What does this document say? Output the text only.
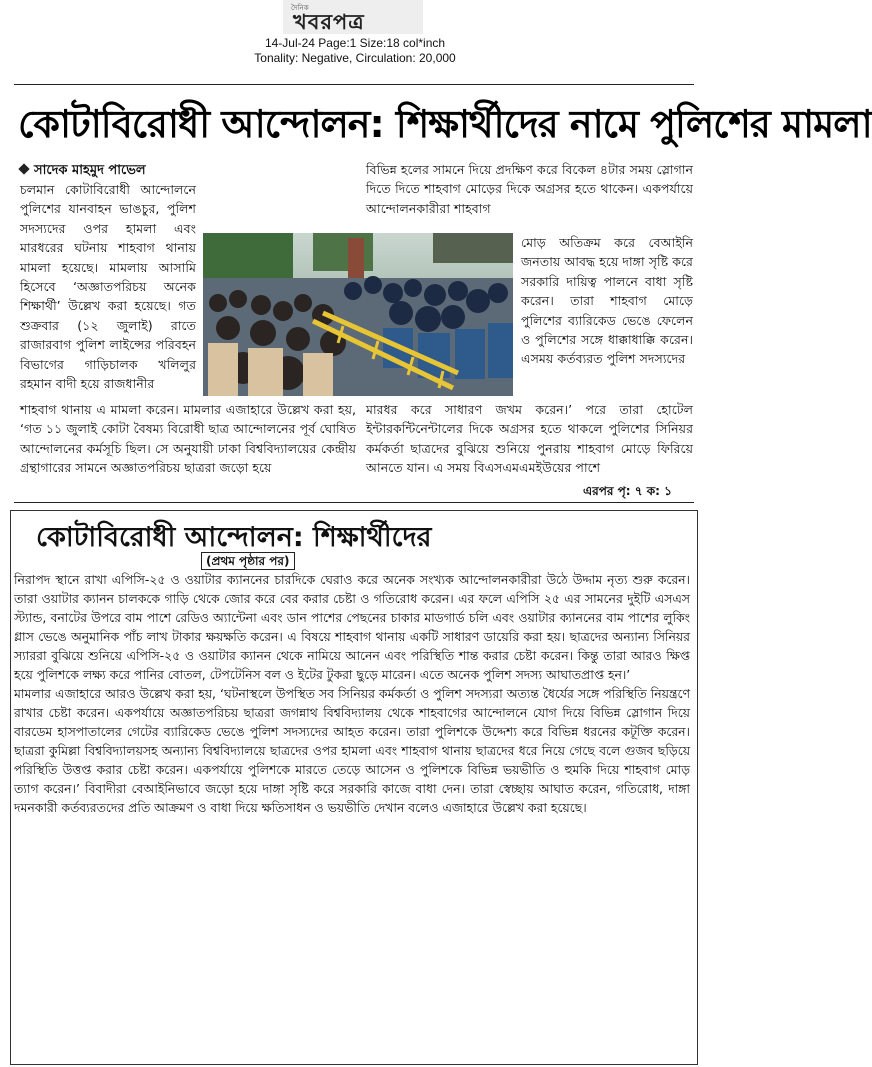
দৈনিক
খবরপত্র
14-Jul-24 Page:1 Size:18 col*inch
Tonality: Negative, Circulation: 20,000
কোটাবিরোধী আন্দোলন: শিক্ষার্থীদের নামে পুলিশের মামলা
সাদেক মাহমুদ পাভেল

চলমান কোটাবিরোধী আন্দোলনে পুলিশের যানবাহন ভাঙচুর, পুলিশ সদস্যদের ওপর হামলা এবং মারধরের ঘটনায় শাহবাগ থানায় মামলা হয়েছে। মামলায় আসামি হিসেবে ‘অজ্ঞাতপরিচয় অনেক শিক্ষার্থী’ উল্লেখ করা হয়েছে। গত শুক্রবার (১২ জুলাই) রাতে রাজারবাগ পুলিশ লাইন্সের পরিবহন বিভাগের গাড়িচালক খলিলুর রহমান বাদী হয়ে রাজধানীর

শাহবাগ থানায় এ মামলা করেন। মামলার এজাহারে উল্লেখ করা হয়, ‘গত ১১ জুলাই কোটা বৈষম্য বিরোধী ছাত্র আন্দোলনের পূর্ব ঘোষিত আন্দোলনের কর্মসূচি ছিল। সে অনুযায়ী ঢাকা বিশ্ববিদ্যালয়ের কেন্দ্রীয় গ্রন্থাগারের সামনে অজ্ঞাতপরিচয় ছাত্ররা জড়ো হয়ে

বিভিন্ন হলের সামনে দিয়ে প্রদক্ষিণ করে বিকেল ৪টার সময় স্লোগান দিতে দিতে শাহবাগ মোড়ের দিকে অগ্রসর হতে থাকেন। একপর্যায়ে আন্দোলনকারীরা শাহবাগ

মোড় অতিক্রম করে বেআইনি জনতায় আবদ্ধ হয়ে দাঙ্গা সৃষ্টি করে সরকারি দায়িত্ব পালনে বাধা সৃষ্টি করেন। তারা শাহবাগ মোড়ে পুলিশের ব্যারিকেড ভেঙে ফেলেন ও পুলিশের সঙ্গে ধাক্কাধাক্কি করেন। এসময় কর্তব্যরত পুলিশ সদস্যদের

মারধর করে সাধারণ জখম করেন।’ পরে তারা হোটেল ইন্টারকন্টিনেন্টালের দিকে অগ্রসর হতে থাকলে পুলিশের সিনিয়র কর্মকর্তা ছাত্রদের বুঝিয়ে শুনিয়ে পুনরায় শাহবাগ মোড়ে ফিরিয়ে আনতে যান। এ সময় বিএসএমএমইউয়ের পাশে

এরপর পৃ: ৭ ক: ১
কোটাবিরোধী আন্দোলন: শিক্ষার্থীদের
(প্রথম পৃষ্ঠার পর)

নিরাপদ স্থানে রাখা এপিসি-২৫ ও ওয়াটার ক্যাননের চারদিকে ঘেরাও করে অনেক সংখ্যক আন্দোলনকারীরা উঠে উদ্দাম নৃত্য শুরু করেন। তারা ওয়াটার ক্যানন চালককে গাড়ি থেকে জোর করে বের করার চেষ্টা ও গতিরোধ করেন। এর ফলে এপিসি ২৫ এর সামনের দুইটি এসএস স্ট্যান্ড, বনাটের উপরে বাম পাশে রেডিও অ্যান্টেনা এবং ডান পাশের পেছনের চাকার মাডগার্ড চলি এবং ওয়াটার ক্যাননের বাম পাশের লুকিং গ্লাস ভেঙে অনুমানিক পাঁচ লাখ টাকার ক্ষয়ক্ষতি করেন। এ বিষয়ে শাহবাগ থানায় একটি সাধারণ ডায়েরি করা হয়। ছাত্রদের অন্যান্য সিনিয়র স্যাররা বুঝিয়ে শুনিয়ে এপিসি-২৫ ও ওয়াটার ক্যানন থেকে নামিয়ে আনেন এবং পরিস্থিতি শান্ত করার চেষ্টা করেন। কিন্তু তারা আরও ক্ষিপ্ত হয়ে পুলিশকে লক্ষ্য করে পানির বোতল, টেপটেনিস বল ও ইটের টুকরা ছুড়ে মারেন। এতে অনেক পুলিশ সদস্য আঘাতপ্রাপ্ত হন।’

মামলার এজাহারে আরও উল্লেখ করা হয়, ‘ঘটনাস্থলে উপস্থিত সব সিনিয়র কর্মকর্তা ও পুলিশ সদস্যরা অত্যন্ত ধৈর্যের সঙ্গে পরিস্থিতি নিয়ন্ত্রণে রাখার চেষ্টা করেন। একপর্যায়ে অজ্ঞাতপরিচয় ছাত্ররা জগন্নাথ বিশ্ববিদ্যালয় থেকে শাহবাগের আন্দোলনে যোগ দিয়ে বিভিন্ন স্লোগান দিয়ে বারডেম হাসপাতালের গেটের ব্যারিকেড ভেঙে পুলিশ সদস্যদের আহত করেন। তারা পুলিশকে উদ্দেশ্য করে বিভিন্ন ধরনের কটূক্তি করেন। ছাত্ররা কুমিল্লা বিশ্ববিদ্যালয়সহ অন্যান্য বিশ্ববিদ্যালয়ে ছাত্রদের ওপর হামলা এবং শাহবাগ থানায় ছাত্রদের ধরে নিয়ে গেছে বলে গুজব ছড়িয়ে পরিস্থিতি উত্তপ্ত করার চেষ্টা করেন। একপর্যায়ে পুলিশকে মারতে তেড়ে আসেন ও পুলিশকে বিভিন্ন ভয়ভীতি ও হুমকি দিয়ে শাহবাগ মোড় ত্যাগ করেন।’ বিবাদীরা বেআইনিভাবে জড়ো হয়ে দাঙ্গা সৃষ্টি করে সরকারি কাজে বাধা দেন। তারা স্বেচ্ছায় আঘাত করেন, গতিরোধ, দাঙ্গা দমনকারী কর্তব্যরতদের প্রতি আক্রমণ ও বাধা দিয়ে ক্ষতিসাধন ও ভয়ভীতি দেখান বলেও এজাহারে উল্লেখ করা হয়েছে।
